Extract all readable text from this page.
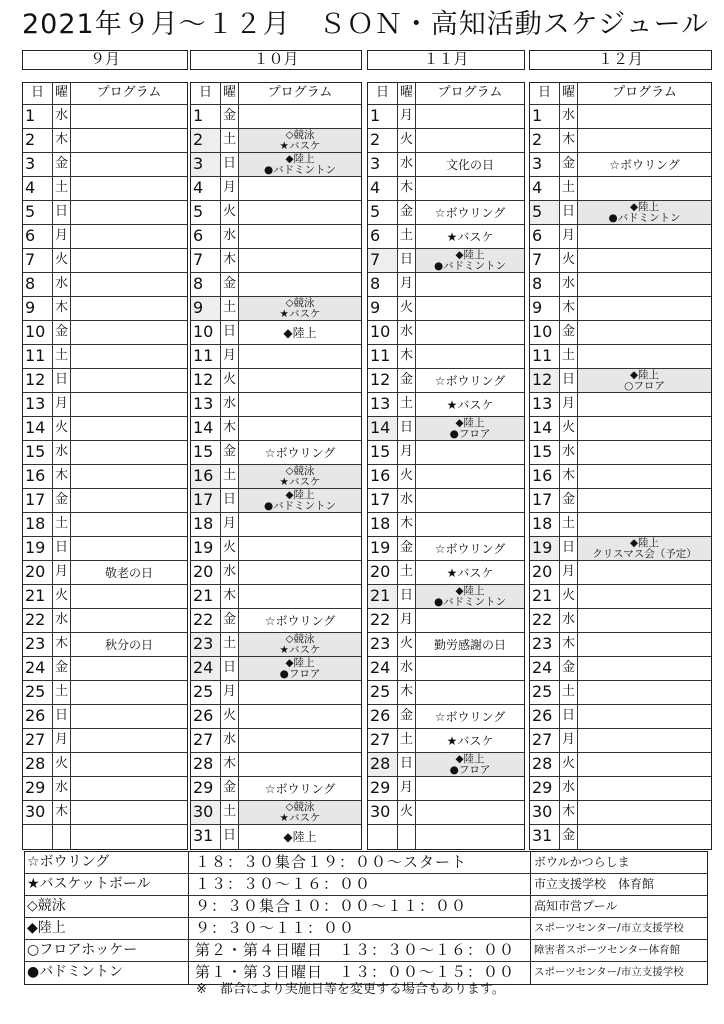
2021年９月～１２月　ＳＯＮ・高知活動スケジュール
９月
日 曜	プログラム
1	水
2	木
3	金
4	土
5	日
6	月
7	火
8	水
9	木
10 金
11 土
12 日
13 月
14 火
15 水
16 木
17 金
18 土
19 日
20 月	敬老の日
21 火
22 水
23 木	秋分の日
24 金
25 土
26 日
27 月
28 火
29 水
30 木
１０月
日 曜	プログラム
1	金
2	土	◇競泳
★バスケ
3	日	◆陸上
●バドミントン
4	月
5	火
6	水
7	木
8	金
9	土	◇競泳
★バスケ
10 日	◆陸上
11 月
12 火
13 水
14 木
15 金 ☆ボウリング
16 土	◇競泳
★バスケ
17 日	◆陸上
●バドミントン
18 月
19 火
20 水
21 木
22 金 ☆ボウリング
23 土	◇競泳
★バスケ
24 日	◆陸上
●フロア
25 月
26 火
27 水
28 木
29 金 ☆ボウリング
30 土	◇競泳
★バスケ
31 日	◆陸上
１１月
日 曜	プログラム
1	月
2	火
3	水	文化の日
4	木
5	金 ☆ボウリング
6	土	★バスケ
7	日	◆陸上
●バドミントン
8	月
9	火
10 水
11 木
12 金 ☆ボウリング
13 土	★バスケ
14 日	◆陸上
●フロア
15 月
16 火
17 水
18 木
19 金 ☆ボウリング
20 土	★バスケ
21 日	◆陸上
●バドミントン
22 月
23 火 勤労感謝の日
24 水
25 木
26 金 ☆ボウリング
27 土	★バスケ
28 日	◆陸上
●フロア
29 月
30 火
１２月
日 曜	プログラム
1	水
2	木
3	金	☆ボウリング
4	土
5	日	◆陸上
●バドミントン
6	月
7	火
8	水
9	木
10 金
11 土
12 日	◆陸上
○フロア
13 月
14 火
15 水
16 木
17 金
18 土
19 日	◆陸上
クリスマス会（予定）
20 月
21 火
22 水
23 木
24 金
25 土
26 日
27 月
28 火
29 水
30 木
31 金
☆ボウリング	１８：３０集合１９：００～スタート	ボウルかつらしま
★バスケットボール	１３：３０～１６：００	市立支援学校　体育館
◇競泳	９：３０集合１０：００～１１：００	高知市営プール
◆陸上	９：３０～１１：００	スポーツセンター/市立支援学校
○フロアホッケー	第２・第４日曜日　１３：３０～１６：００	障害者スポーツセンター体育館
●バドミントン	第１・第３日曜日　１３：００～１５：００	スポーツセンター/市立支援学校
※　都合により実施日等を変更する場合もあります。
